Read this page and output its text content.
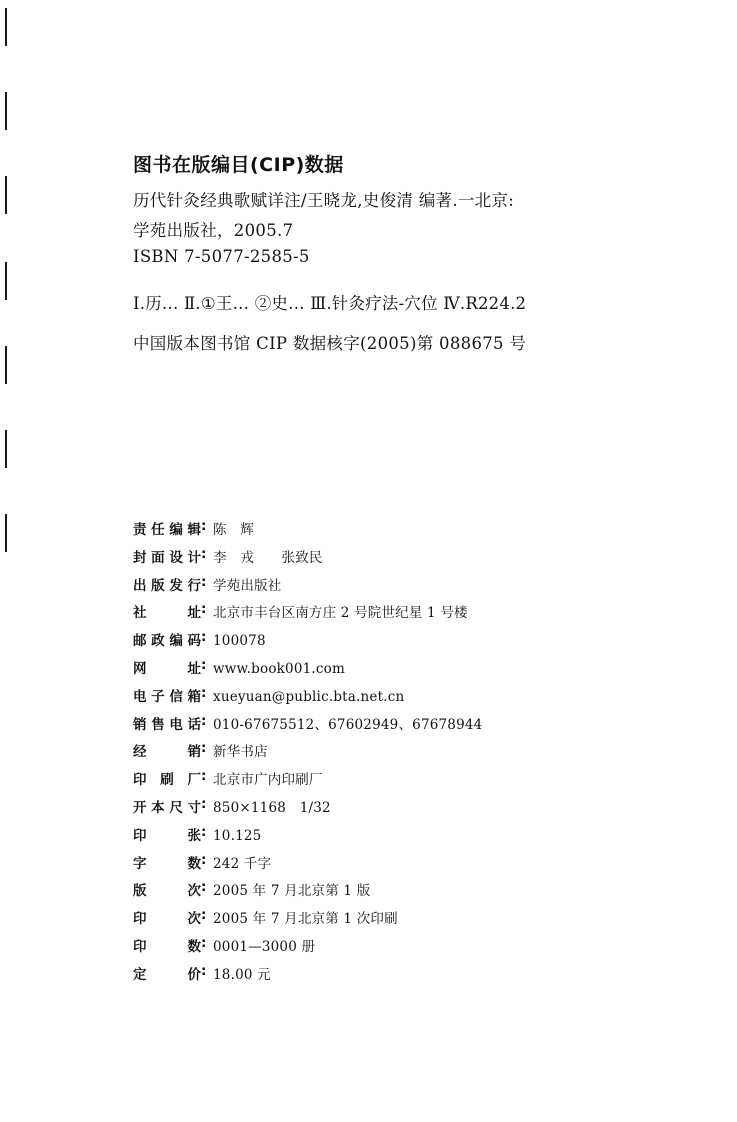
图书在版编目(CIP)数据
历代针灸经典歌赋详注/王晓龙,史俊清 编著.一北京:
学苑出版社，2005.7
ISBN 7-5077-2585-5
Ⅰ.历… Ⅱ.①王… ②史… Ⅲ.针灸疗法-穴位 Ⅳ.R224.2
中国版本图书馆 CIP 数据核字(2005)第 088675 号
责任编辑 : 陈　辉
封面设计 : 李　戎　　张致民
出版发行 : 学苑出版社
社址 : 北京市丰台区南方庄 2 号院世纪星 1 号楼
邮政编码 : 100078
网址 : www.book001.com
电子信箱 : xueyuan@public.bta.net.cn
销售电话 : 010-67675512、67602949、67678944
经销 : 新华书店
印刷厂 : 北京市广内印刷厂
开本尺寸 : 850×1168　1/32
印张 : 10.125
字数 : 242 千字
版次 : 2005 年 7 月北京第 1 版
印次 : 2005 年 7 月北京第 1 次印刷
印数 : 0001—3000 册
定价 : 18.00 元
